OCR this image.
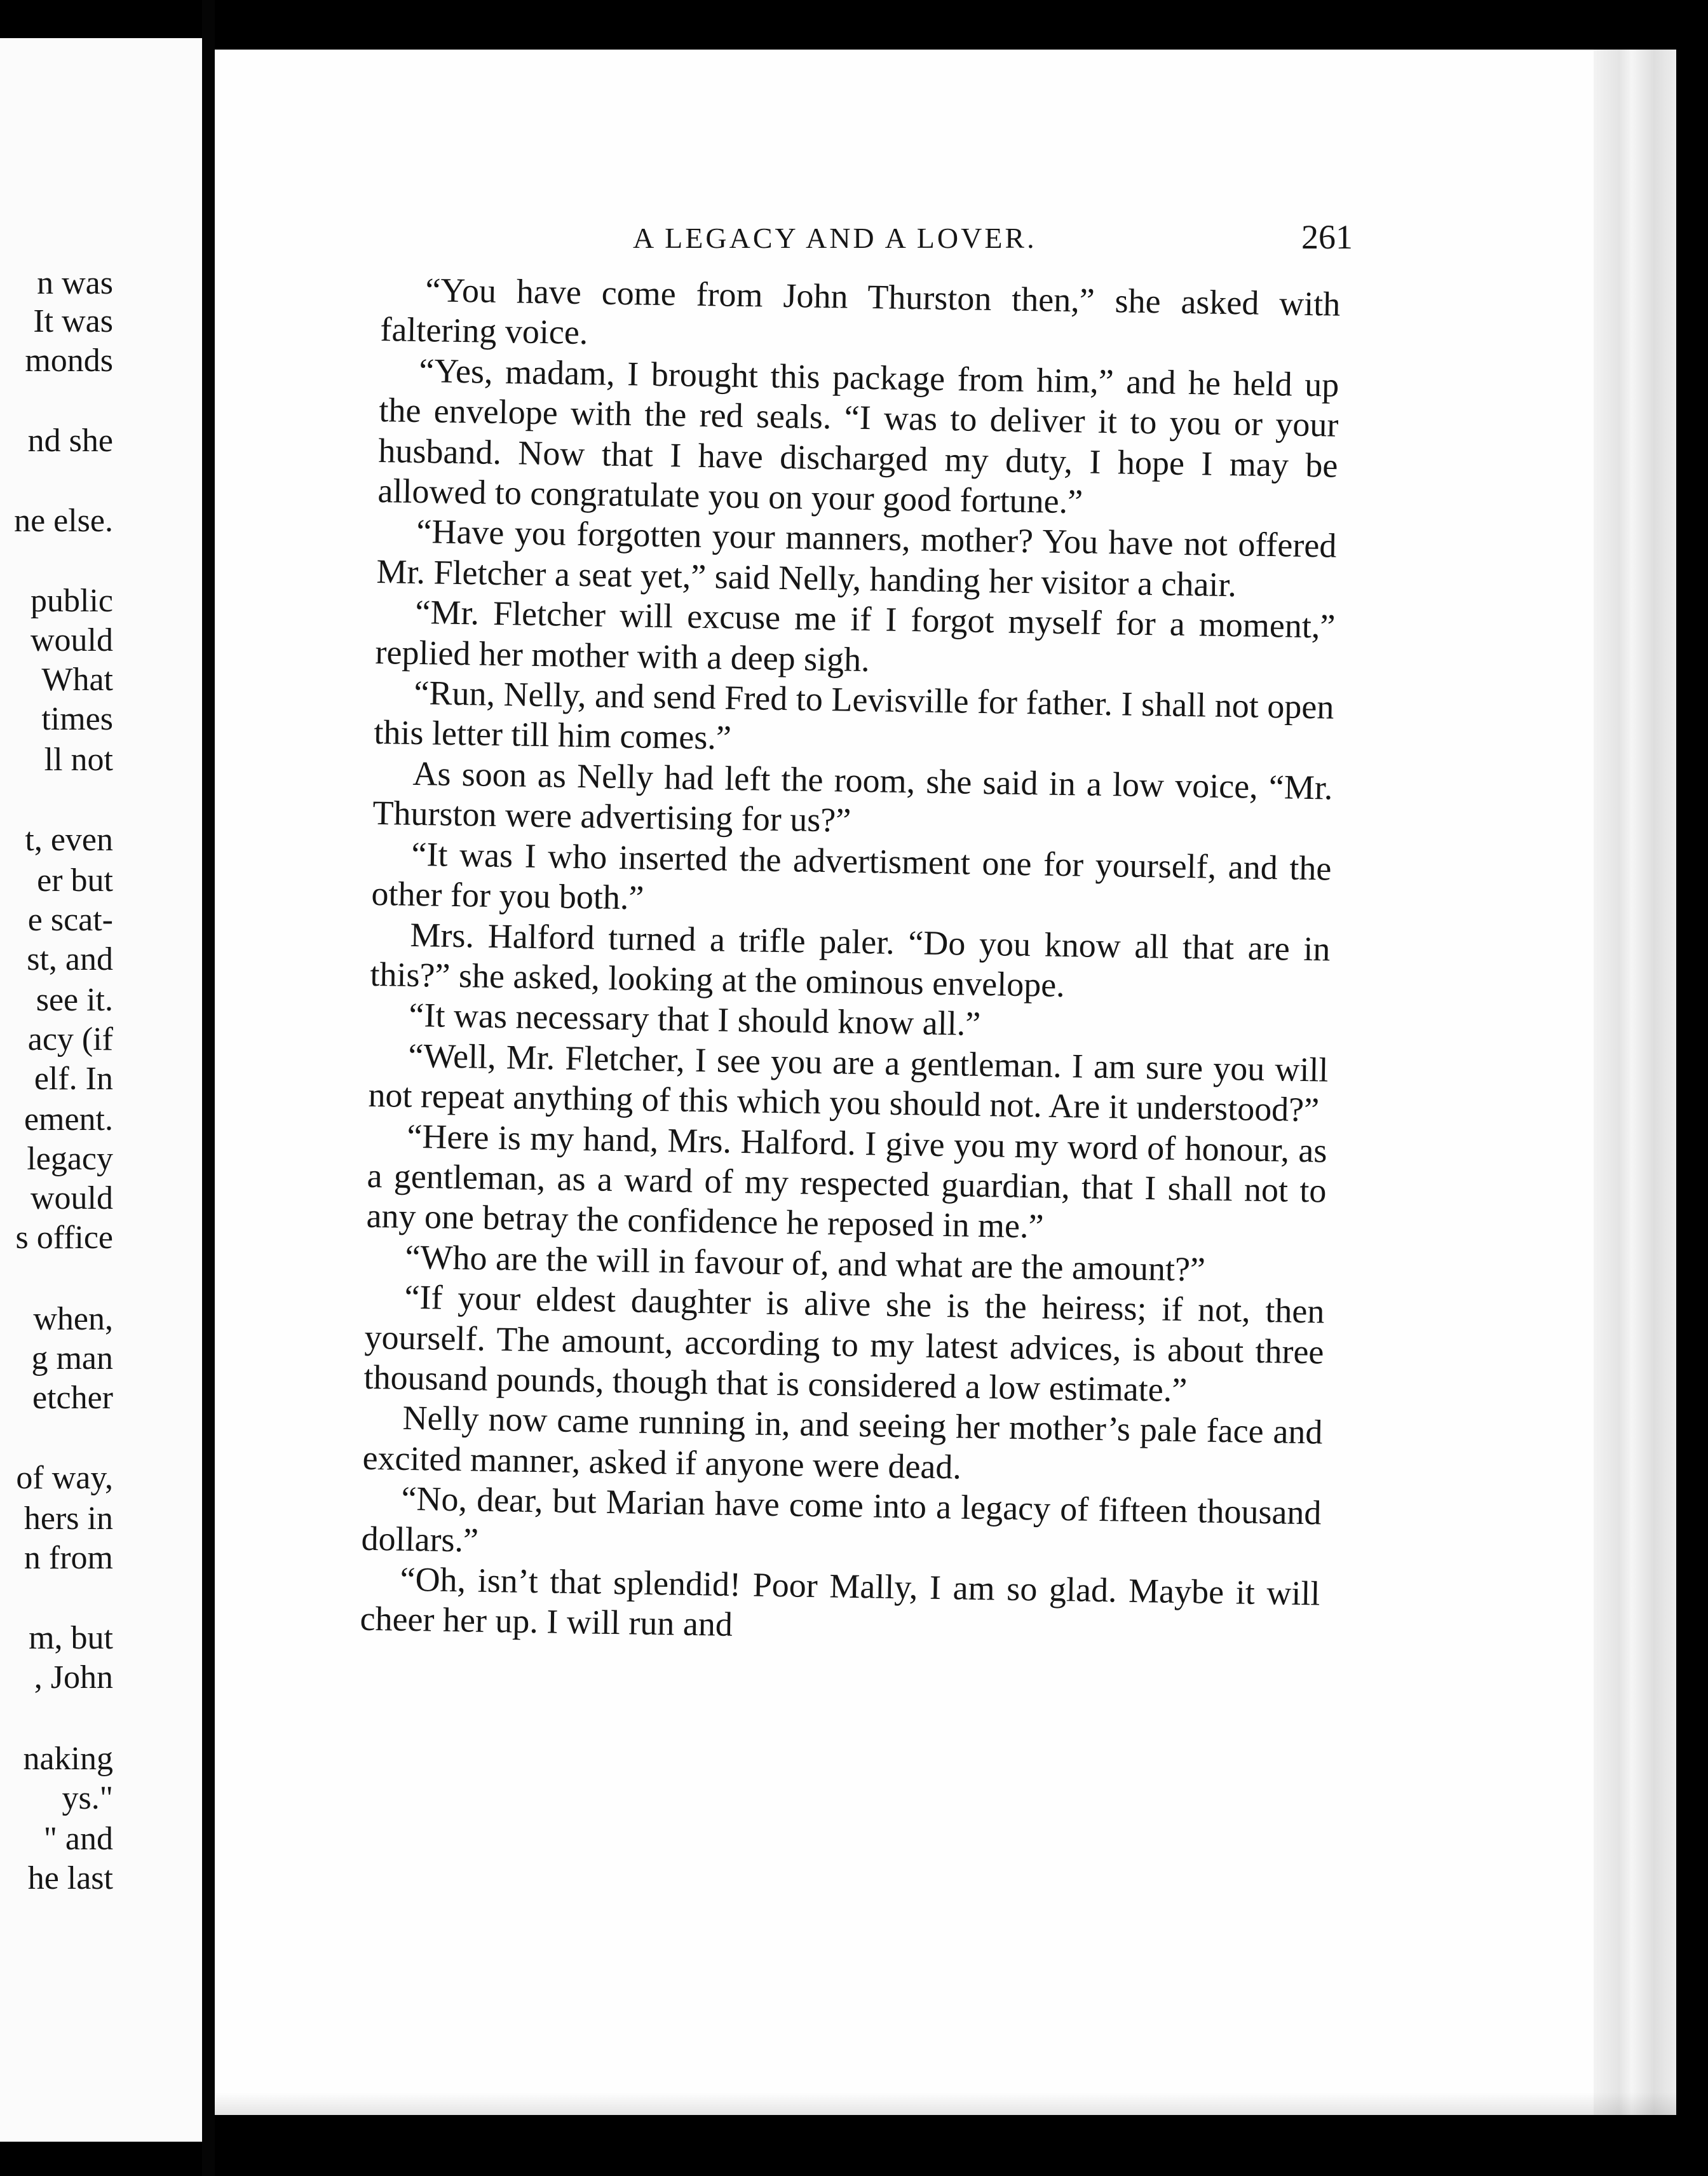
n was
It was
monds
nd she
ne else.
public
would
What
times
ll not
t, even
er but
e scat-
st, and
see it.
acy (if
elf. In
ement.
legacy
would
s office
when,
g man
etcher
of way,
hers in
n from
m, but
, John
naking
ys."
" and
he last
A LEGACY AND A LOVER.	261

“You have come from John Thurston then,” she asked with faltering voice.

“Yes, madam, I brought this package from him,” and he held up the envelope with the red seals. “I was to deliver it to you or your husband. Now that I have discharged my duty, I hope I may be allowed to congratulate you on your good fortune.”

“Have you forgotten your manners, mother? You have not offered Mr. Fletcher a seat yet,” said Nelly, handing her visitor a chair.

“Mr. Fletcher will excuse me if I forgot myself for a moment,” replied her mother with a deep sigh.

“Run, Nelly, and send Fred to Levisville for father. I shall not open this letter till him comes.”

As soon as Nelly had left the room, she said in a low voice, “Mr. Thurston were advertising for us?”

“It was I who inserted the advertisment one for yourself, and the other for you both.”

Mrs. Halford turned a trifle paler. “Do you know all that are in this?” she asked, looking at the ominous envelope.

“It was necessary that I should know all.”

“Well, Mr. Fletcher, I see you are a gentleman. I am sure you will not repeat anything of this which you should not. Are it understood?”

“Here is my hand, Mrs. Halford. I give you my word of honour, as a gentleman, as a ward of my respected guardian, that I shall not to any one betray the confidence he reposed in me.”

“Who are the will in favour of, and what are the amount?”

“If your eldest daughter is alive she is the heiress; if not, then yourself. The amount, according to my latest advices, is about three thousand pounds, though that is considered a low estimate.”

Nelly now came running in, and seeing her mother’s pale face and excited manner, asked if anyone were dead.

“No, dear, but Marian have come into a legacy of fifteen thousand dollars.”

“Oh, isn’t that splendid! Poor Mally, I am so glad. Maybe it will cheer her up. I will run and
